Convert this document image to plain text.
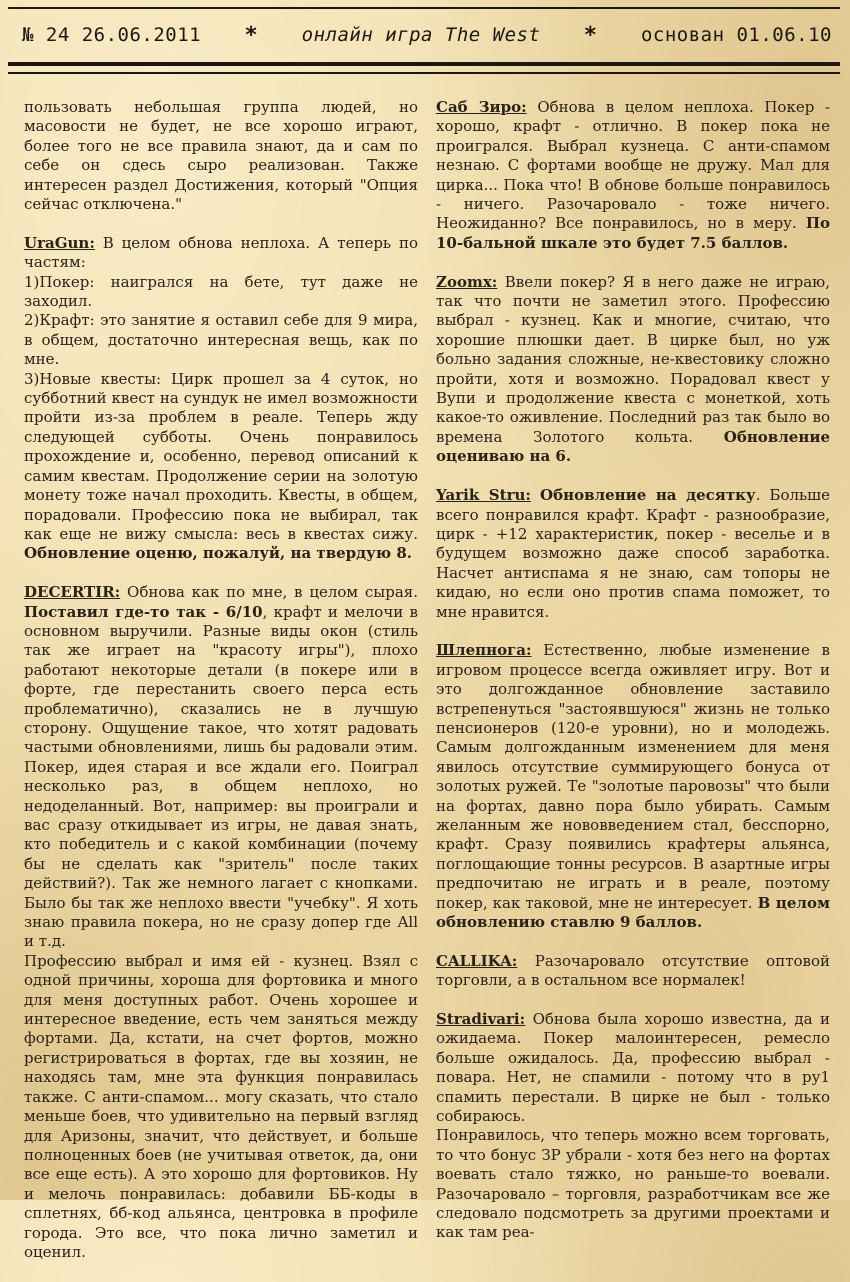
№ 24 26.06.2011 * онлайн игра The West * основан 01.06.10

пользовать небольшая группа людей, но масовости не будет, не все хорошо играют, более того не все правила знают, да и сам по себе он сдесь сыро реализован. Также интересен раздел Достижения, который "Опция сейчас отключена."

UraGun: В целом обнова неплоха. А теперь по частям:

1)Покер: наигрался на бете, тут даже не заходил.

2)Крафт: это занятие я оставил себе для 9 мира, в общем, достаточно интересная вещь, как по мне.

3)Новые квесты: Цирк прошел за 4 суток, но субботний квест на сундук не имел возможности пройти из-за проблем в реале. Теперь жду следующей субботы. Очень понравилось прохождение и, особенно, перевод описаний к самим квестам. Продолжение серии на золотую монету тоже начал проходить. Квесты, в общем, порадовали. Профессию пока не выбирал, так как еще не вижу смысла: весь в квестах сижу. Обновление оценю, пожалуй, на твердую 8.

DECERTIR: Обнова как по мне, в целом сырая. Поставил где-то так - 6/10, крафт и мелочи в основном выручили. Разные виды окон (стиль так же играет на "красоту игры"), плохо работают некоторые детали (в покере или в форте, где перестанить своего перса есть проблематично), сказались не в лучшую сторону. Ощущение такое, что хотят радовать частыми обновлениями, лишь бы радовали этим. Покер, идея старая и все ждали его. Поиграл несколько раз, в общем неплохо, но недоделанный. Вот, например: вы проиграли и вас сразу откидывает из игры, не давая знать, кто победитель и с какой комбинации (почему бы не сделать как "зритель" после таких действий?). Так же немного лагает с кнопками. Было бы так же неплохо ввести "учебку". Я хоть знаю правила покера, но не сразу допер где All и т.д.

Профессию выбрал и имя ей - кузнец. Взял с одной причины, хороша для фортовика и много для меня доступных работ. Очень хорошее и интересное введение, есть чем заняться между фортами. Да, кстати, на счет фортов, можно регистрироваться в фортах, где вы хозяин, не находясь там, мне эта функция понравилась также. С анти-спамом... могу сказать, что стало меньше боев, что удивительно на первый взгляд для Аризоны, значит, что действует, и больше полноценных боев (не учитывая ответок, да, они все еще есть). А это хорошо для фортовиков. Ну и мелочь понравилась: добавили ББ-коды в сплетнях, бб-код альянса, центровка в профиле города. Это все, что пока лично заметил и оценил.

Саб Зиро: Обнова в целом неплоха. Покер - хорошо, крафт - отлично. В покер пока не проигрался. Выбрал кузнеца. С анти-спамом незнаю. С фортами вообще не дружу. Мал для цирка... Пока что! В обнове больше понравилось - ничего. Разочаровало - тоже ничего. Неожиданно? Все понравилось, но в меру. По 10-бальной шкале это будет 7.5 баллов.

Zoomx: Ввели покер? Я в него даже не играю, так что почти не заметил этого. Профессию выбрал - кузнец. Как и многие, считаю, что хорошие плюшки дает. В цирке был, но уж больно задания сложные, не-квестовику сложно пройти, хотя и возможно. Порадовал квест у Вупи и продолжение квеста с монеткой, хоть какое-то оживление. Последний раз так было во времена Золотого кольта. Обновление оцениваю на 6.

Yarik Stru: Обновление на десятку. Больше всего понравился крафт. Крафт - разнообразие, цирк - +12 характеристик, покер - веселье и в будущем возможно даже способ заработка. Насчет антиспама я не знаю, сам топоры не кидаю, но если оно против спама поможет, то мне нравится.

Шлепнога: Естественно, любые изменение в игровом процессе всегда оживляет игру. Вот и это долгожданное обновление заставило встрепенуться "застоявшуюся" жизнь не только пенсионеров (120-е уровни), но и молодежь. Самым долгожданным изменением для меня явилось отсутствие суммирующего бонуса от золотых ружей. Те "золотые паровозы" что были на фортах, давно пора было убирать. Самым желанным же нововведением стал, бесспорно, крафт. Сразу появились крафтеры альянса, поглощающие тонны ресурсов. В азартные игры предпочитаю не играть и в реале, поэтому покер, как таковой, мне не интересует. В целом обновлению ставлю 9 баллов.

CALLIKA: Разочаровало отсутствие оптовой торговли, а в остальном все нормалек!

Stradivari: Обнова была хорошо известна, да и ожидаема. Покер малоинтересен, ремесло больше ожидалось. Да, профессию выбрал - повара. Нет, не спамили - потому что в ру1 спамить перестали. В цирке не был - только собираюсь.

Понравилось, что теперь можно всем торговать, то что бонус ЗР убрали - хотя без него на фортах воевать стало тяжко, но раньше-то воевали. Разочаровало – торговля, разработчикам все же следовало подсмотреть за другими проектами и как там реа-
